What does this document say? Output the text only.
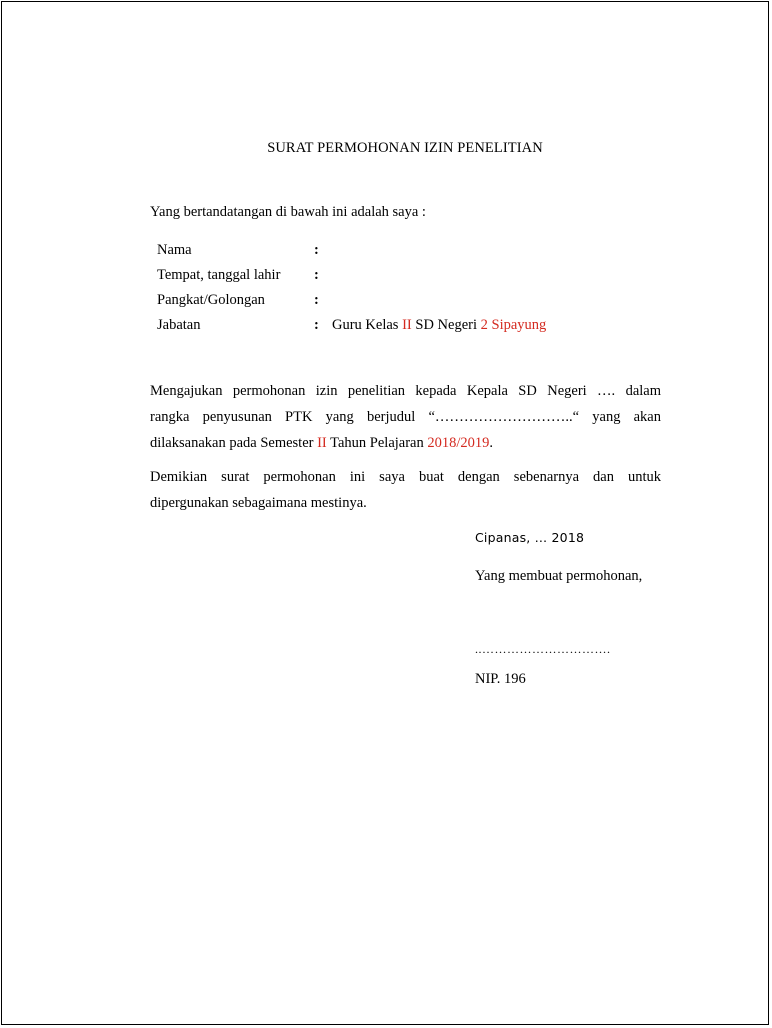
SURAT PERMOHONAN IZIN PENELITIAN
Yang bertandatangan di bawah ini adalah saya :
Nama	:
Tempat, tanggal lahir :
Pangkat/Golongan	:
Jabatan	: Guru Kelas II SD Negeri 2 Sipayung
Mengajukan permohonan izin penelitian kepada Kepala SD Negeri …. dalam
rangka penyusunan PTK yang berjudul “………………………..“ yang akan
dilaksanakan pada Semester II Tahun Pelajaran 2018/2019.
Demikian surat permohonan ini saya buat dengan sebenarnya dan untuk
dipergunakan sebagaimana mestinya.
Cipanas, … 2018
Yang membuat permohonan,
..………………………….
NIP. 196
